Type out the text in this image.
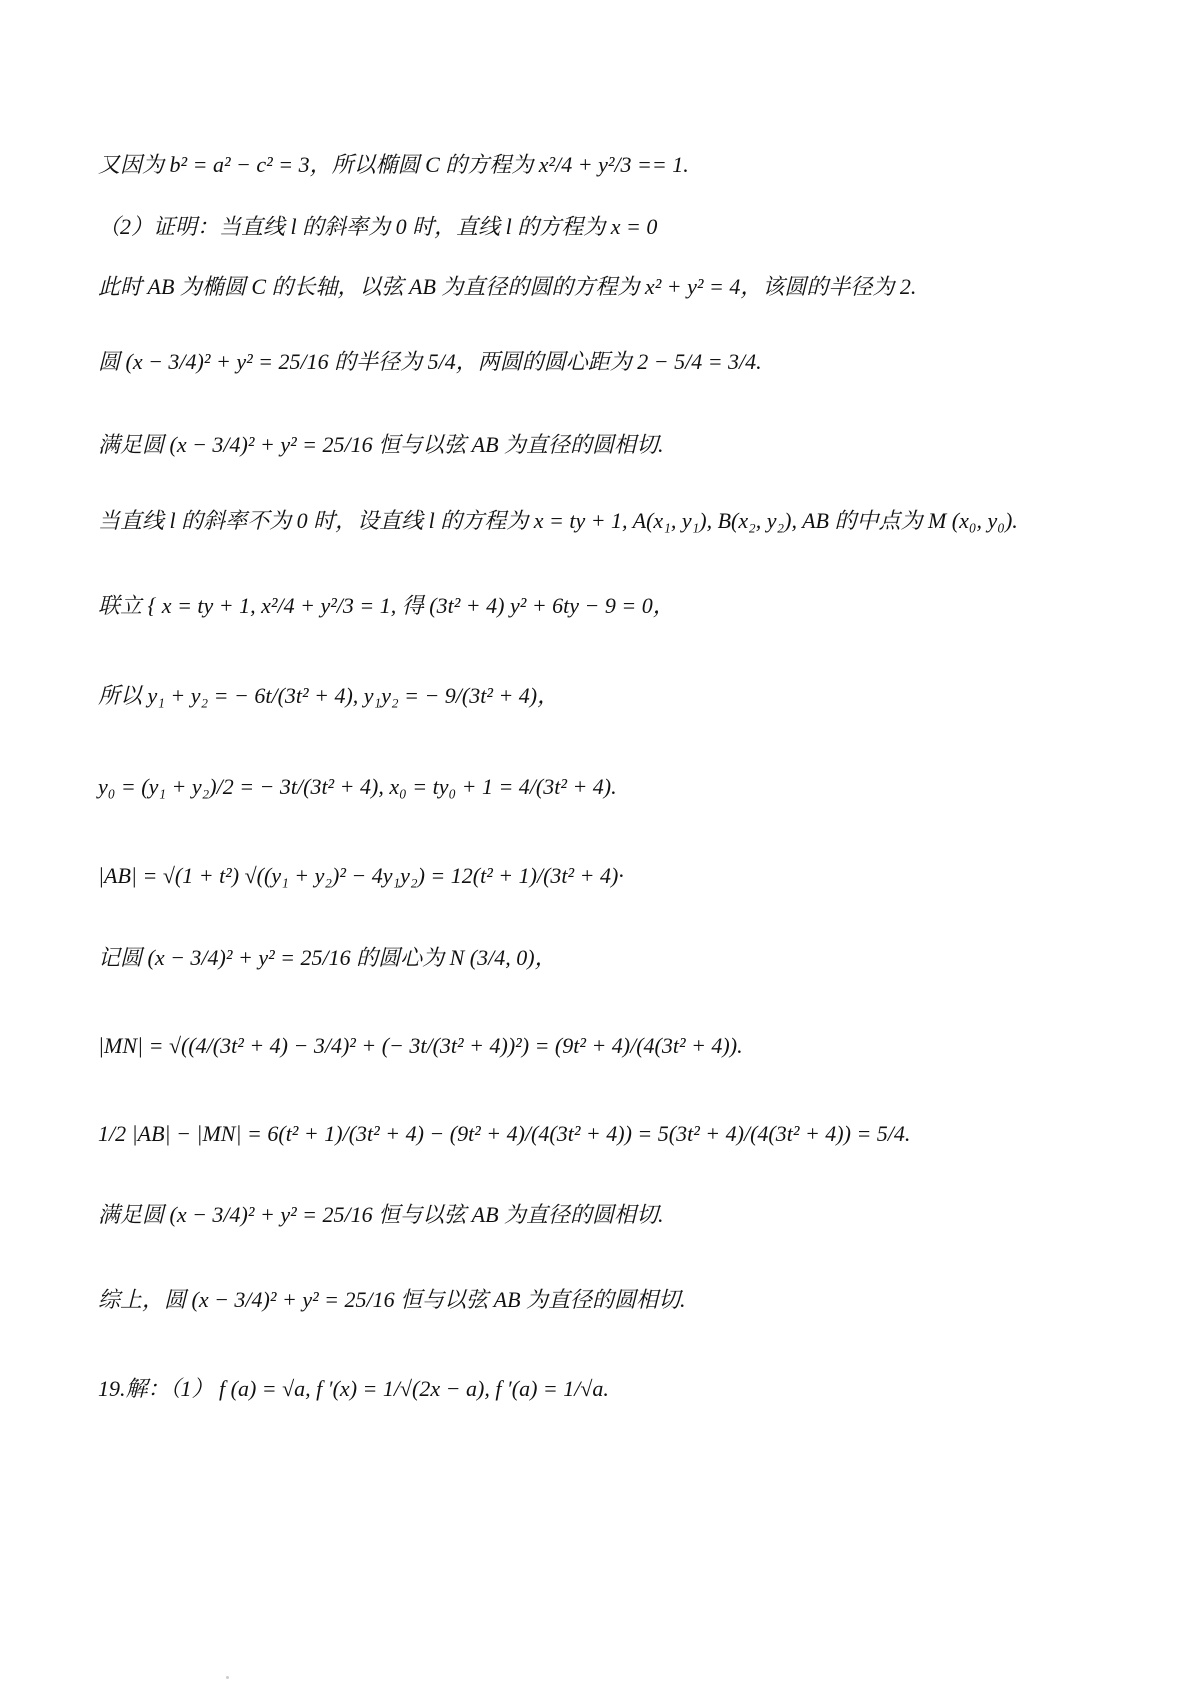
又因为 b² = a² − c² = 3，所以椭圆 C 的方程为 x²/4 + y²/3 == 1.
（2）证明：当直线 l 的斜率为 0 时，直线 l 的方程为 x = 0
此时 AB 为椭圆 C 的长轴，以弦 AB 为直径的圆的方程为 x² + y² = 4，该圆的半径为 2.
圆 (x − 3/4)² + y² = 25/16 的半径为 5/4，两圆的圆心距为 2 − 5/4 = 3/4.
满足圆 (x − 3/4)² + y² = 25/16 恒与以弦 AB 为直径的圆相切.
当直线 l 的斜率不为 0 时，设直线 l 的方程为 x = ty + 1, A(x₁, y₁), B(x₂, y₂), AB 的中点为 M (x₀, y₀).
联立 { x = ty + 1, x²/4 + y²/3 = 1, 得 (3t² + 4) y² + 6ty − 9 = 0，
所以 y₁ + y₂ = − 6t/(3t² + 4), y₁y₂ = − 9/(3t² + 4)，
y₀ = (y₁ + y₂)/2 = − 3t/(3t² + 4), x₀ = ty₀ + 1 = 4/(3t² + 4).
|AB| = √(1 + t²) √((y₁ + y₂)² − 4y₁y₂) = 12(t² + 1)/(3t² + 4)·
记圆 (x − 3/4)² + y² = 25/16 的圆心为 N (3/4, 0)，
|MN| = √((4/(3t² + 4) − 3/4)² + (− 3t/(3t² + 4))²) = (9t² + 4)/(4(3t² + 4)).
1/2 |AB| − |MN| = 6(t² + 1)/(3t² + 4) − (9t² + 4)/(4(3t² + 4)) = 5(3t² + 4)/(4(3t² + 4)) = 5/4.
满足圆 (x − 3/4)² + y² = 25/16 恒与以弦 AB 为直径的圆相切.
综上，圆 (x − 3/4)² + y² = 25/16 恒与以弦 AB 为直径的圆相切.
19.解：（1） f (a) = √a, f ′(x) = 1/√(2x − a), f ′(a) = 1/√a.
